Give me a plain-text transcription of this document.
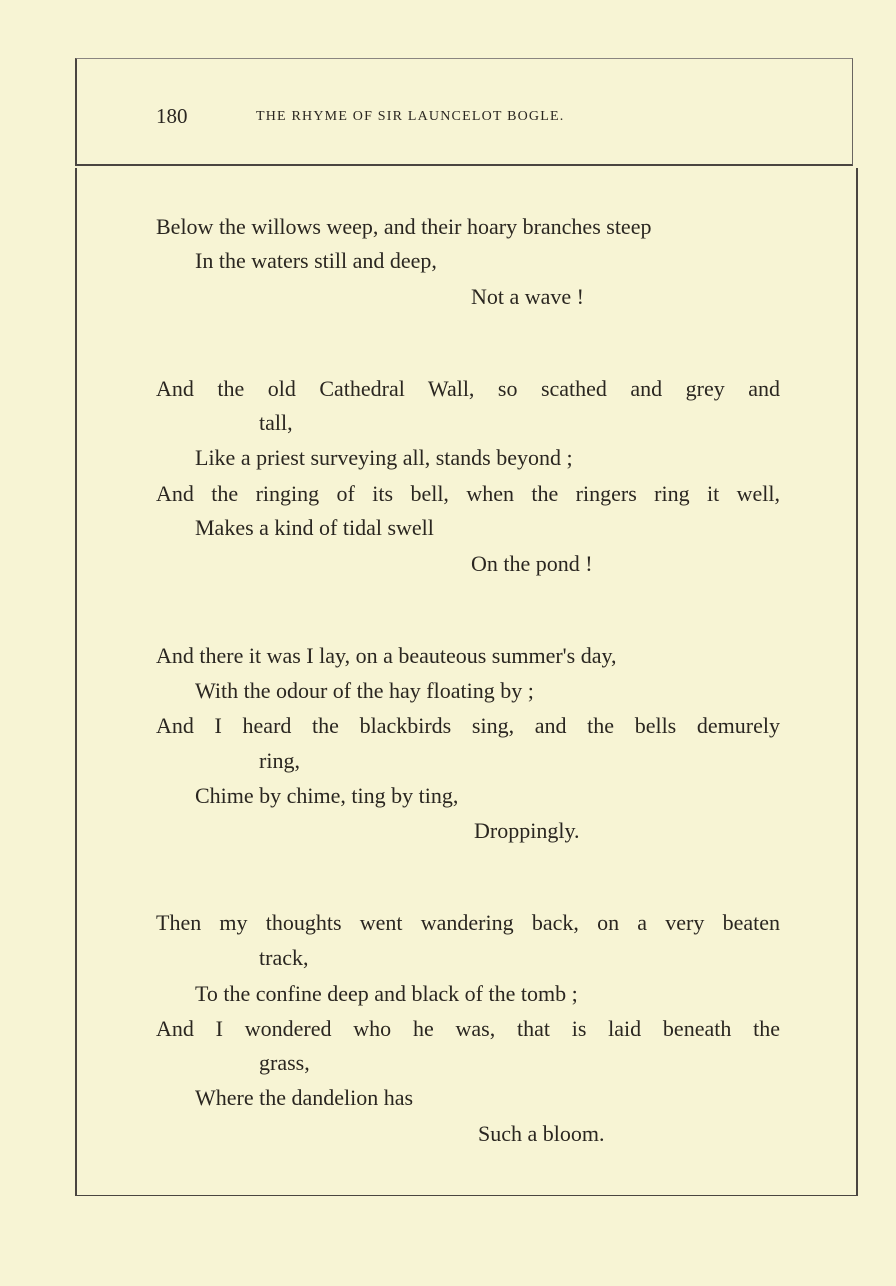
180	THE RHYME OF SIR LAUNCELOT BOGLE.
Below the willows weep, and their hoary branches steep
In the waters still and deep,
Not a wave !
And the old Cathedral Wall, so scathed and grey and
tall,
Like a priest surveying all, stands beyond ;
And the ringing of its bell, when the ringers ring it well,
Makes a kind of tidal swell
On the pond !
And there it was I lay, on a beauteous summer's day,
With the odour of the hay floating by ;
And I heard the blackbirds sing, and the bells demurely
ring,
Chime by chime, ting by ting,
Droppingly.
Then my thoughts went wandering back, on a very beaten
track,
To the confine deep and black of the tomb ;
And I wondered who he was, that is laid beneath the
grass,
Where the dandelion has
Such a bloom.
